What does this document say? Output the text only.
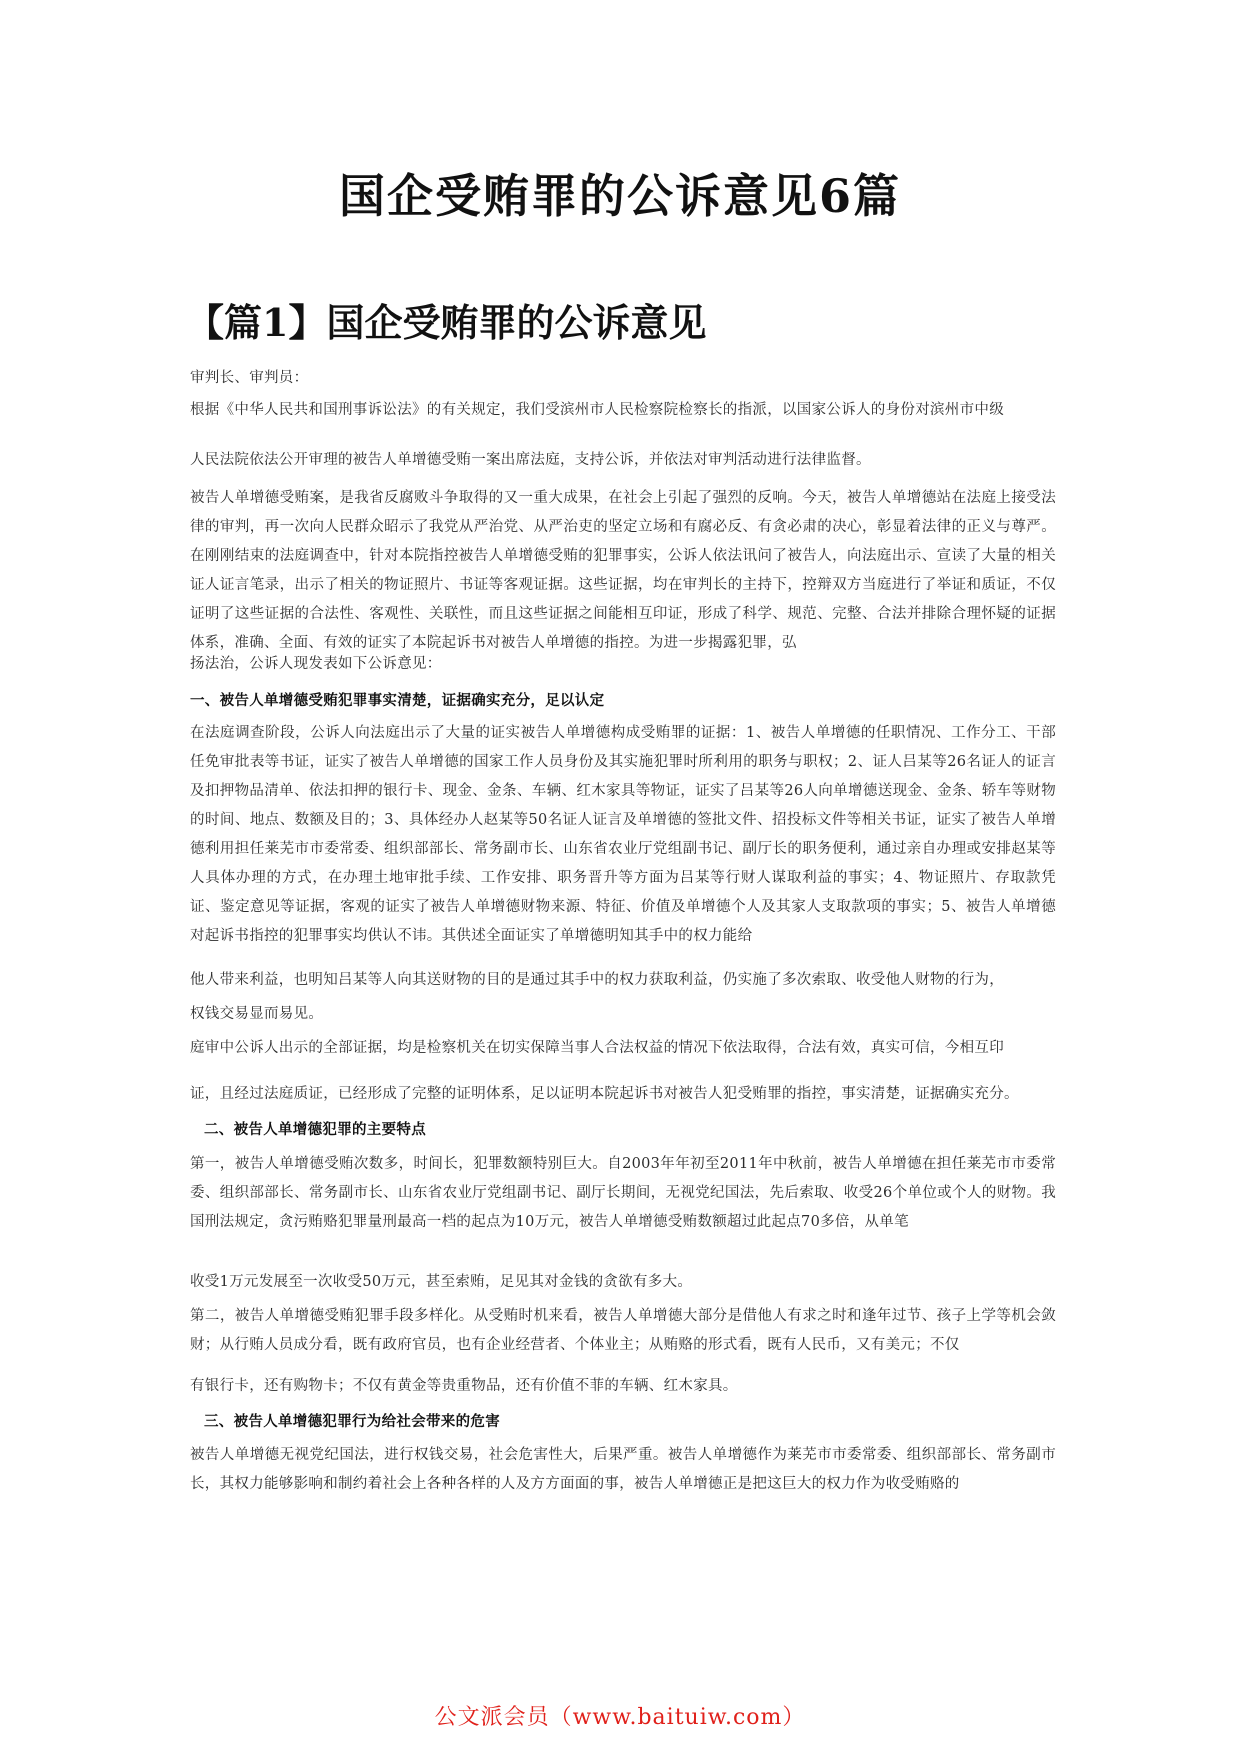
国企受贿罪的公诉意见6篇
【篇1】国企受贿罪的公诉意见

审判长、审判员：

根据《中华人民共和国刑事诉讼法》的有关规定，我们受滨州市人民检察院检察长的指派，以国家公诉人的身份对滨州市中级

人民法院依法公开审理的被告人单增德受贿一案出席法庭，支持公诉，并依法对审判活动进行法律监督。

被告人单增德受贿案，是我省反腐败斗争取得的又一重大成果，在社会上引起了强烈的反响。今天，被告人单增德站在法庭上接受法律的审判，再一次向人民群众昭示了我党从严治党、从严治吏的坚定立场和有腐必反、有贪必肃的决心，彰显着法律的正义与尊严。在刚刚结束的法庭调查中，针对本院指控被告人单增德受贿的犯罪事实，公诉人依法讯问了被告人，向法庭出示、宣读了大量的相关证人证言笔录，出示了相关的物证照片、书证等客观证据。这些证据，均在审判长的主持下，控辩双方当庭进行了举证和质证，不仅证明了这些证据的合法性、客观性、关联性，而且这些证据之间能相互印证，形成了科学、规范、完整、合法并排除合理怀疑的证据体系，准确、全面、有效的证实了本院起诉书对被告人单增德的指控。为进一步揭露犯罪，弘

扬法治，公诉人现发表如下公诉意见：

一、被告人单增德受贿犯罪事实清楚，证据确实充分，足以认定

在法庭调查阶段，公诉人向法庭出示了大量的证实被告人单增德构成受贿罪的证据：1、被告人单增德的任职情况、工作分工、干部任免审批表等书证，证实了被告人单增德的国家工作人员身份及其实施犯罪时所利用的职务与职权；2、证人吕某等26名证人的证言及扣押物品清单、依法扣押的银行卡、现金、金条、车辆、红木家具等物证，证实了吕某等26人向单增德送现金、金条、轿车等财物的时间、地点、数额及目的；3、具体经办人赵某等50名证人证言及单增德的签批文件、招投标文件等相关书证，证实了被告人单增德利用担任莱芜市市委常委、组织部部长、常务副市长、山东省农业厅党组副书记、副厅长的职务便利，通过亲自办理或安排赵某等人具体办理的方式，在办理土地审批手续、工作安排、职务晋升等方面为吕某等行财人谋取利益的事实；4、物证照片、存取款凭证、鉴定意见等证据，客观的证实了被告人单增德财物来源、特征、价值及单增德个人及其家人支取款项的事实；5、被告人单增德对起诉书指控的犯罪事实均供认不讳。其供述全面证实了单增德明知其手中的权力能给

他人带来利益，也明知吕某等人向其送财物的目的是通过其手中的权力获取利益，仍实施了多次索取、收受他人财物的行为，

权钱交易显而易见。

庭审中公诉人出示的全部证据，均是检察机关在切实保障当事人合法权益的情况下依法取得，合法有效，真实可信，今相互印

证，且经过法庭质证，已经形成了完整的证明体系，足以证明本院起诉书对被告人犯受贿罪的指控，事实清楚，证据确实充分。

二、被告人单增德犯罪的主要特点

第一，被告人单增德受贿次数多，时间长，犯罪数额特别巨大。自2003年年初至2011年中秋前，被告人单增德在担任莱芜市市委常委、组织部部长、常务副市长、山东省农业厅党组副书记、副厅长期间，无视党纪国法，先后索取、收受26个单位或个人的财物。我国刑法规定，贪污贿赂犯罪量刑最高一档的起点为10万元，被告人单增德受贿数额超过此起点70多倍，从单笔

收受1万元发展至一次收受50万元，甚至索贿，足见其对金钱的贪欲有多大。

第二，被告人单增德受贿犯罪手段多样化。从受贿时机来看，被告人单增德大部分是借他人有求之时和逢年过节、孩子上学等机会敛财；从行贿人员成分看，既有政府官员，也有企业经营者、个体业主；从贿赂的形式看，既有人民币，又有美元；不仅

有银行卡，还有购物卡；不仅有黄金等贵重物品，还有价值不菲的车辆、红木家具。

三、被告人单增德犯罪行为给社会带来的危害

被告人单增德无视党纪国法，进行权钱交易，社会危害性大，后果严重。被告人单增德作为莱芜市市委常委、组织部部长、常务副市长，其权力能够影响和制约着社会上各种各样的人及方方面面的事，被告人单增德正是把这巨大的权力作为收受贿赂的

公文派会员（www.baituiw.com）
